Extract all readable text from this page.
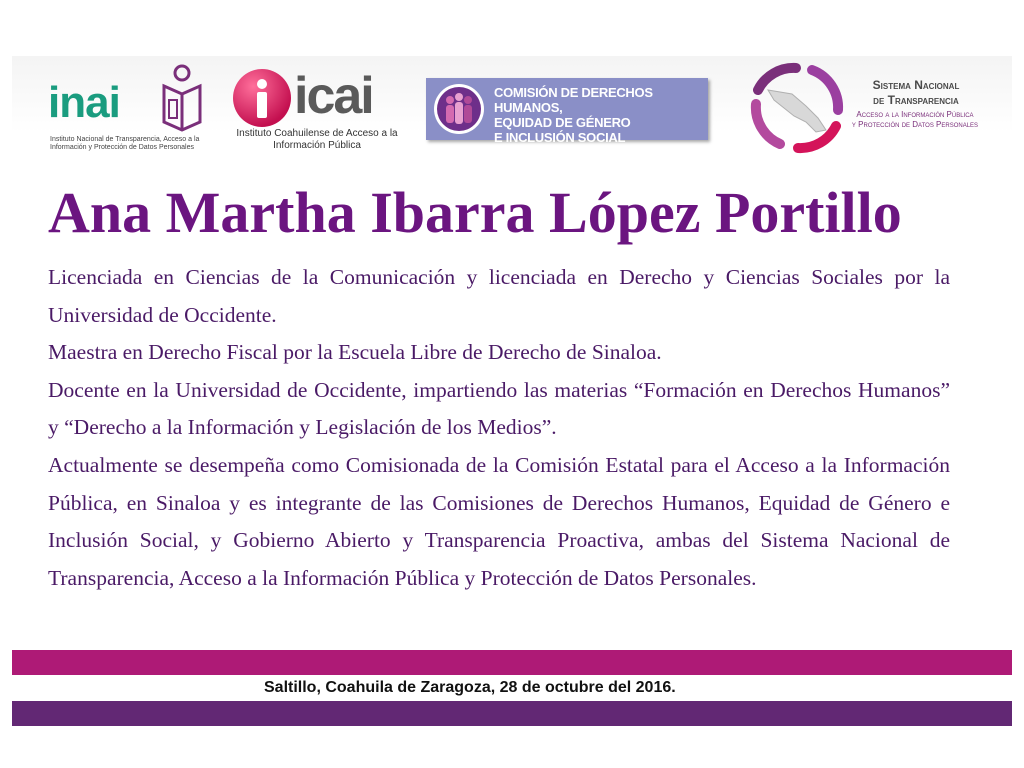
inai
Instituto Nacional de Transparencia, Acceso a la Información y Protección de Datos Personales
icai
Instituto Coahuilense de Acceso a la Información Pública
COMISIÓN DE DERECHOS HUMANOS,
EQUIDAD DE GÉNERO
E INCLUSIÓN SOCIAL
Sistema Nacional
de Transparencia
Acceso a la Información Pública
y Protección de Datos Personales
Ana Martha Ibarra López Portillo

Licenciada en Ciencias de la Comunicación y licenciada en Derecho y Ciencias Sociales por la Universidad de Occidente.

Maestra en Derecho Fiscal por la Escuela Libre de Derecho de Sinaloa.

Docente en la Universidad de Occidente, impartiendo las materias “Formación en Derechos Humanos” y “Derecho a la Información y Legislación de los Medios”.

Actualmente se desempeña como Comisionada de la Comisión Estatal para el Acceso a la Información Pública, en Sinaloa y es integrante de las Comisiones de Derechos Humanos, Equidad de Género e Inclusión Social, y Gobierno Abierto y Transparencia Proactiva, ambas del Sistema Nacional de Transparencia, Acceso a la Información Pública y Protección de Datos Personales.

Saltillo, Coahuila de Zaragoza, 28 de octubre del 2016.
